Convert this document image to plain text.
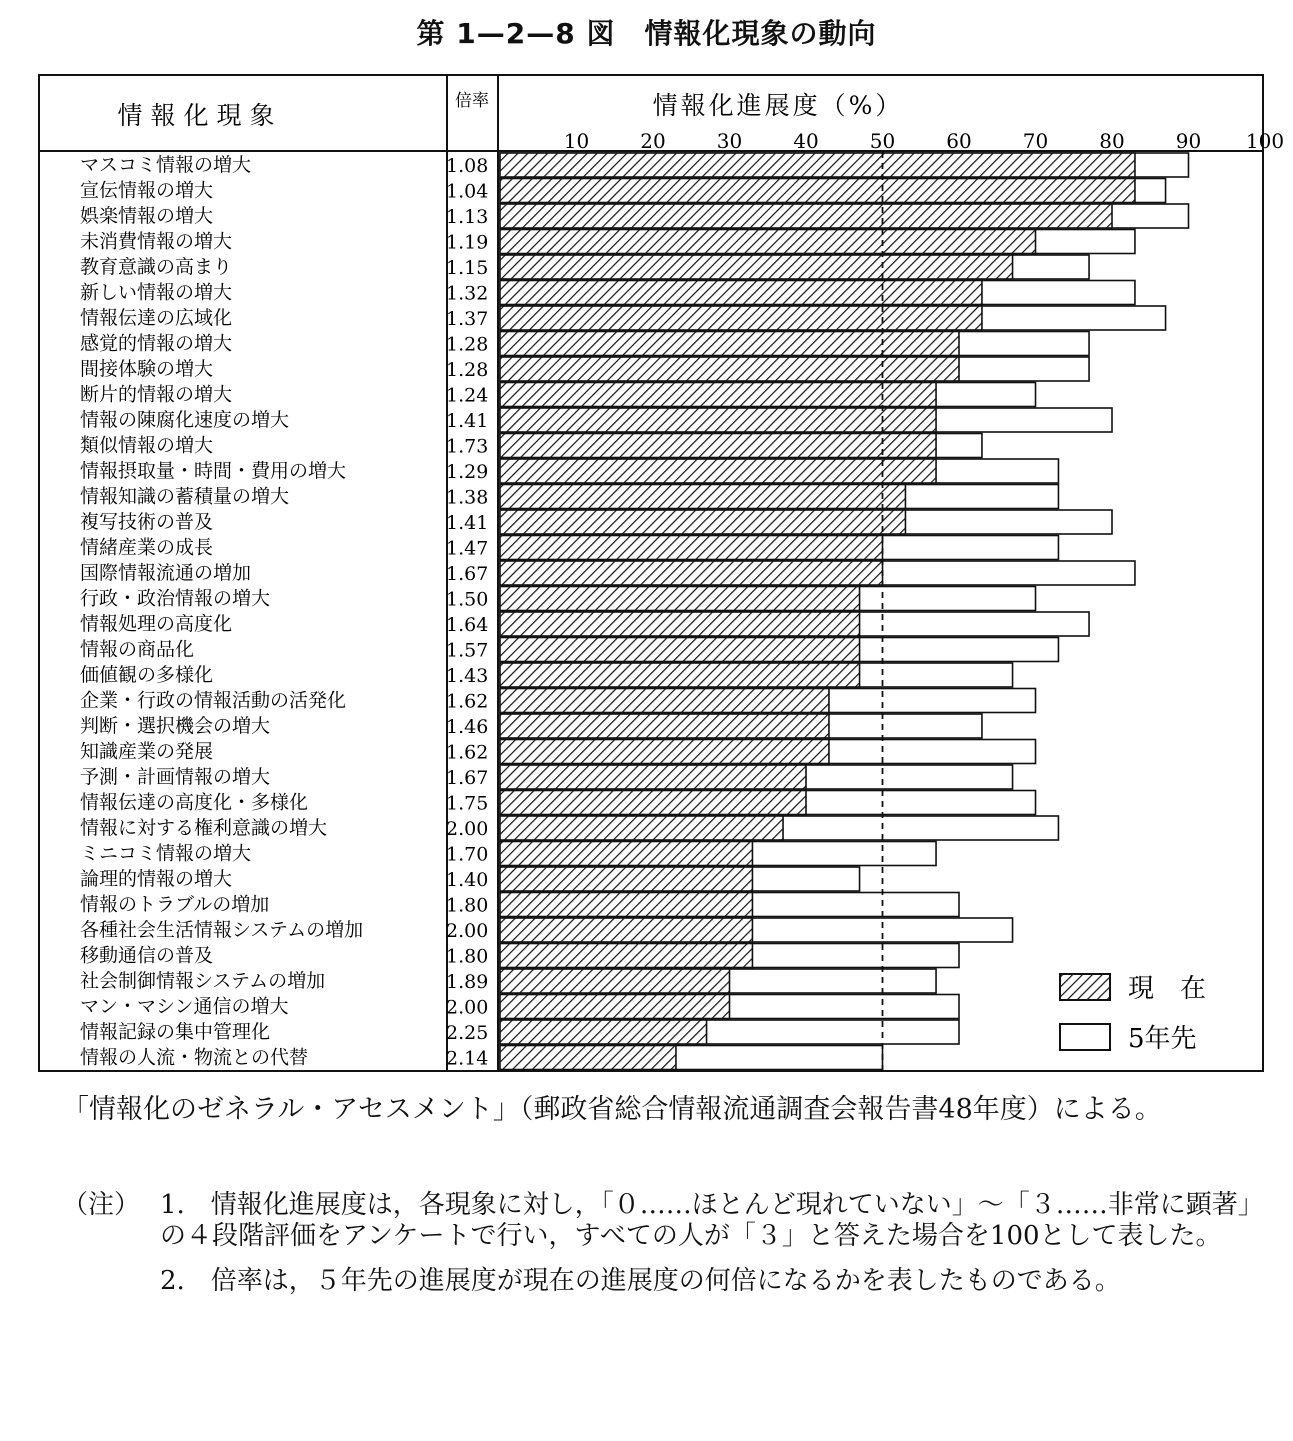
第 1—2—8 図　情報化現象の動向
情報化現象	倍率	情報化進展度（%）
10	20	30	40	50	60	70	80	90 100
マスコミ情報の増大	1.08
宣伝情報の増大	1.04
娯楽情報の増大	1.13
未消費情報の増大	1.19
教育意識の高まり	1.15
新しい情報の増大	1.32
情報伝達の広域化	1.37
感覚的情報の増大	1.28
間接体験の増大	1.28
断片的情報の増大	1.24
情報の陳腐化速度の増大	1.41
類似情報の増大	1.73
情報摂取量・時間・費用の増大	1.29
情報知識の蓄積量の増大	1.38
複写技術の普及	1.41
情緒産業の成長	1.47
国際情報流通の増加	1.67
行政・政治情報の増大	1.50
情報処理の高度化	1.64
情報の商品化	1.57
価値観の多様化	1.43
企業・行政の情報活動の活発化	1.62
判断・選択機会の増大	1.46
知識産業の発展	1.62
予測・計画情報の増大	1.67
情報伝達の高度化・多様化	1.75
情報に対する権利意識の増大	2.00
ミニコミ情報の増大	1.70
論理的情報の増大	1.40
情報のトラブルの増加	1.80
各種社会生活情報システムの増加	2.00
移動通信の普及	1.80
社会制御情報システムの増加	1.89
マン・マシン通信の増大	2.00
情報記録の集中管理化	2.25
情報の人流・物流との代替	2.14
現　在
5年先
「情報化のゼネラル・アセスメント」（郵政省総合情報流通調査会報告書48年度）による。
（注） 1.　情報化進展度は，各現象に対し，「０……ほとんど現れていない」～「３……非常に顕著」の４段階評価をアンケートで行い，すべての人が「３」と答えた場合を100として表した。
2.　倍率は，５年先の進展度が現在の進展度の何倍になるかを表したものである。
